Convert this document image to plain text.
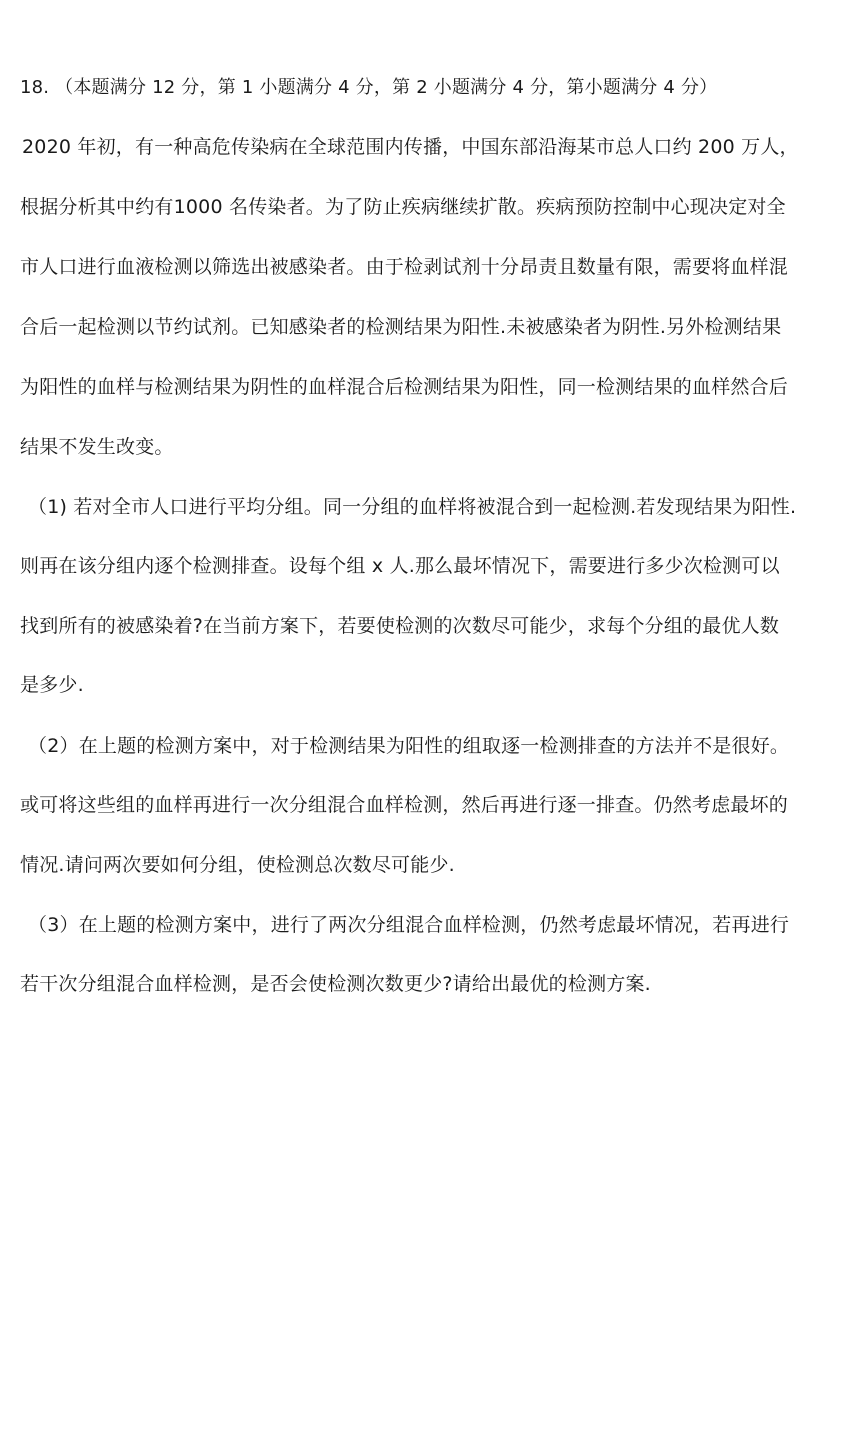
18. （本题满分 12 分，第 1 小题满分 4 分，第 2 小题满分 4 分，第小题满分 4 分）
2020 年初，有一种高危传染病在全球范围内传播，中国东部沿海某市总人口约 200 万人，
根据分析其中约有1000 名传染者。为了防止疾病继续扩散。疾病预防控制中心现决定对全
市人口进行血液检测以筛选出被感染者。由于检剥试剂十分昂责且数量有限，需要将血样混
合后一起检测以节约试剂。已知感染者的检测结果为阳性.未被感染者为阴性.另外检测结果
为阳性的血样与检测结果为阴性的血样混合后检测结果为阳性，同一检测结果的血样然合后
结果不发生改变。
（1) 若对全市人口进行平均分组。同一分组的血样将被混合到一起检测.若发现结果为阳性.
则再在该分组内逐个检测排查。设每个组 x 人.那么最坏情况下，需要进行多少次检测可以
找到所有的被感染着?在当前方案下，若要使检测的次数尽可能少，求每个分组的最优人数
是多少.
（2）在上题的检测方案中，对于检测结果为阳性的组取逐一检测排查的方法并不是很好。
或可将这些组的血样再进行一次分组混合血样检测，然后再进行逐一排查。仍然考虑最坏的
情况.请问两次要如何分组，使检测总次数尽可能少.
（3）在上题的检测方案中，进行了两次分组混合血样检测，仍然考虑最坏情况，若再进行
若干次分组混合血样检测，是否会使检测次数更少?请给出最优的检测方案.
